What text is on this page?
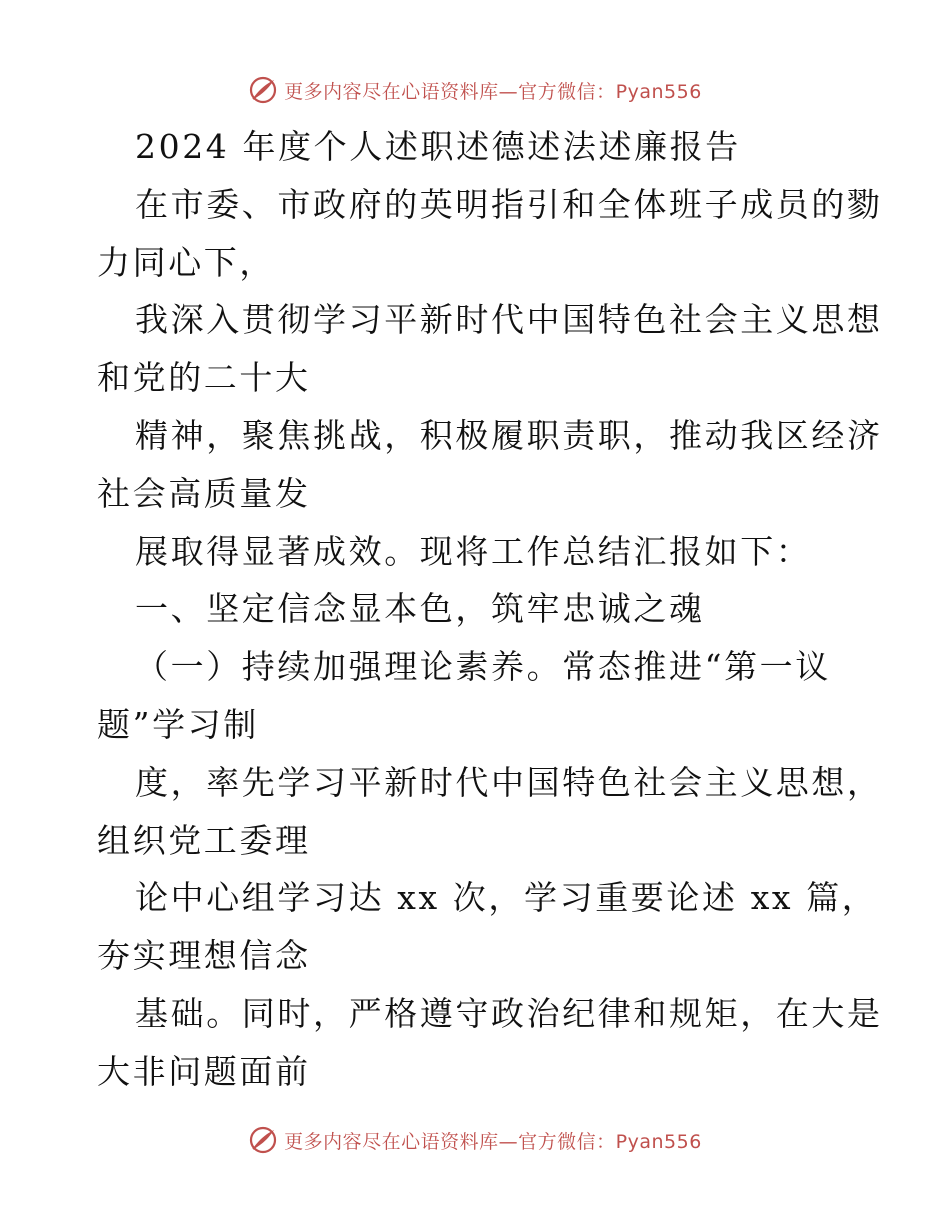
更多内容尽在心语资料库—官方微信：Pyan556
2024 年度个人述职述德述法述廉报告
在市委、市政府的英明指引和全体班子成员的勠
力同心下，
我深入贯彻学习平新时代中国特色社会主义思想
和党的二十大
精神，聚焦挑战，积极履职责职，推动我区经济
社会高质量发
展取得显著成效。现将工作总结汇报如下：
一、坚定信念显本色，筑牢忠诚之魂
（一）持续加强理论素养。常态推进“第一议
题”学习制
度，率先学习平新时代中国特色社会主义思想，
组织党工委理
论中心组学习达 xx 次，学习重要论述 xx 篇，
夯实理想信念
基础。同时，严格遵守政治纪律和规矩，在大是
大非问题面前
更多内容尽在心语资料库—官方微信：Pyan556
